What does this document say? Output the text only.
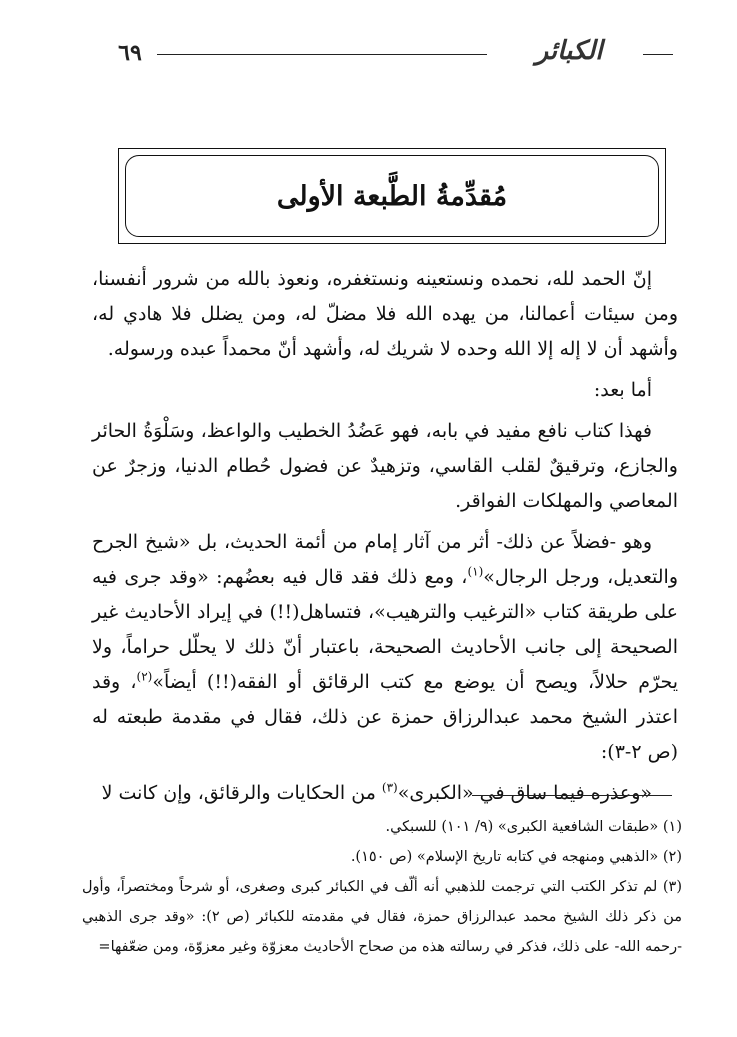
الكبائر
٦٩
مُقدِّمةُ الطَّبعة الأولى

إنّ الحمد لله، نحمده ونستعينه ونستغفره، ونعوذ بالله من شرور أنفسنا، ومن سيئات أعمالنا، من يهده الله فلا مضلّ له، ومن يضلل فلا هادي له، وأشهد أن لا إله إلا الله وحده لا شريك له، وأشهد أنّ محمداً عبده ورسوله.

أما بعد:

فهذا كتاب نافع مفيد في بابه، فهو عَضُدُ الخطيب والواعظ، وسَلْوَةُ الحائر والجازع، وترقيقٌ لقلب القاسي، وتزهيدٌ عن فضول حُطام الدنيا، وزجرٌ عن المعاصي والمهلكات الفواقر.

وهو -فضلاً عن ذلك- أثر من آثار إمام من أئمة الحديث، بل «شيخ الجرح والتعديل، ورجل الرجال»$^{(١)}$، ومع ذلك فقد قال فيه بعضُهم: «وقد جرى فيه على طريقة كتاب «الترغيب والترهيب»، فتساهل(!!) في إيراد الأحاديث غير الصحيحة إلى جانب الأحاديث الصحيحة، باعتبار أنّ ذلك لا يحلّل حراماً، ولا يحرّم حلالاً، ويصح أن يوضع مع كتب الرقائق أو الفقه(!!) أيضاً»$^{(٢)}$، وقد اعتذر الشيخ محمد عبدالرزاق حمزة عن ذلك، فقال في مقدمة طبعته له (ص ٢-٣):

«وعذره فيما ساق في «الكبرى»$^{(٣)}$ من الحكايات والرقائق، وإن كانت لا

(١) «طبقات الشافعية الكبرى» (٩/ ١٠١) للسبكي.

(٢) «الذهبي ومنهجه في كتابه تاريخ الإسلام» (ص ١٥٠).

(٣) لم تذكر الكتب التي ترجمت للذهبي أنه ألّف في الكبائر كبرى وصغرى، أو شرحاً ومختصراً، وأول من ذكر ذلك الشيخ محمد عبدالرزاق حمزة، فقال في مقدمته للكبائر (ص ٢): «وقد جرى الذهبي -رحمه الله- على ذلك، فذكر في رسالته هذه من صحاح الأحاديث معزوّة وغير معزوّة، ومن ضعّفها=
